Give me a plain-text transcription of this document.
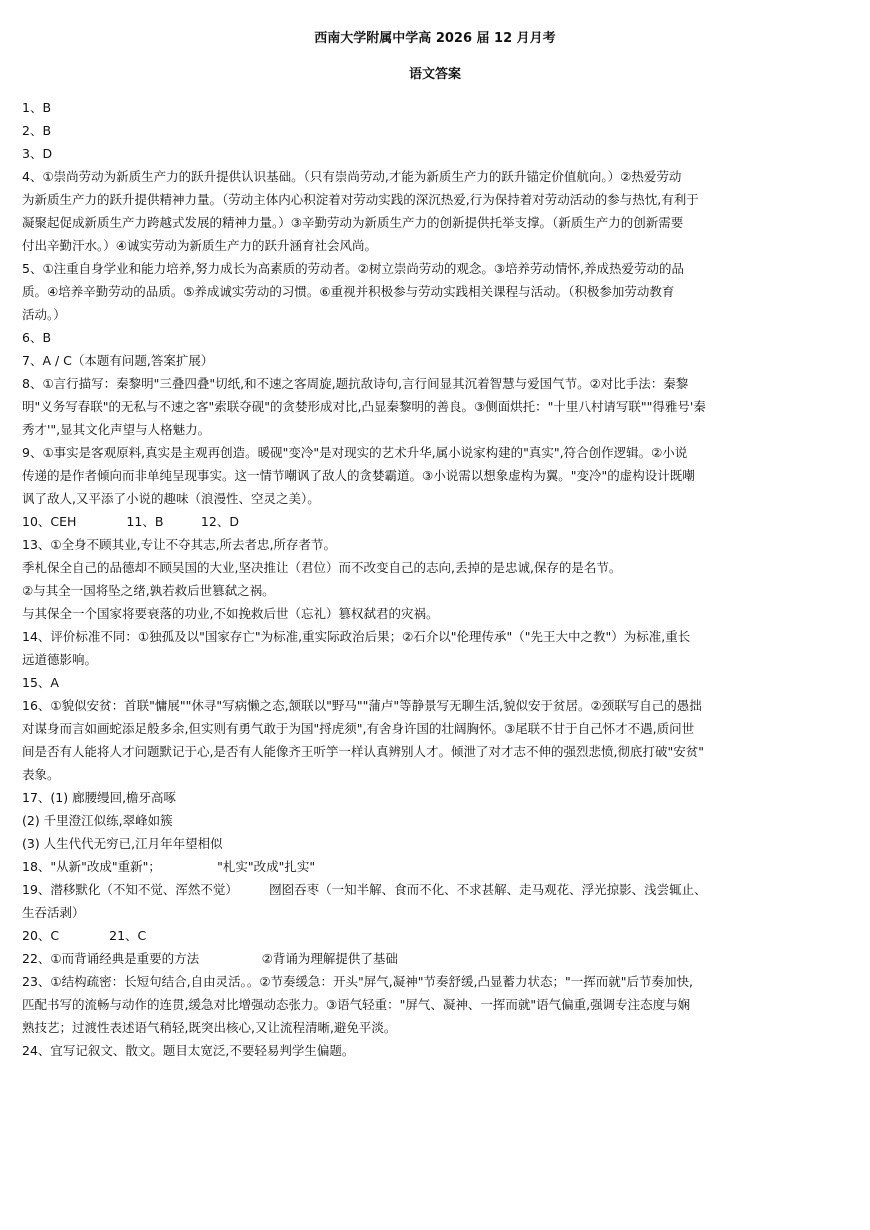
西南大学附属中学高 2026 届 12 月月考
语文答案
1、B
2、B
3、D
4、①崇尚劳动为新质生产力的跃升提供认识基础。（只有崇尚劳动,才能为新质生产力的跃升锚定价值航向。）②热爱劳动
为新质生产力的跃升提供精神力量。（劳动主体内心积淀着对劳动实践的深沉热爱,行为保持着对劳动活动的参与热忱,有利于
凝聚起促成新质生产力跨越式发展的精神力量。）③辛勤劳动为新质生产力的创新提供托举支撑。（新质生产力的创新需要
付出辛勤汗水。）④诚实劳动为新质生产力的跃升涵育社会风尚。
5、①注重自身学业和能力培养,努力成长为高素质的劳动者。②树立崇尚劳动的观念。③培养劳动情怀,养成热爱劳动的品
质。④培养辛勤劳动的品质。⑤养成诚实劳动的习惯。⑥重视并积极参与劳动实践相关课程与活动。（积极参加劳动教育
活动。）
6、B
7、A / C（本题有问题,答案扩展）
8、①言行描写：秦黎明"三叠四叠"切纸,和不速之客周旋,题抗敌诗句,言行间显其沉着智慧与爱国气节。②对比手法：秦黎
明"义务写春联"的无私与不速之客"索联夺砚"的贪婪形成对比,凸显秦黎明的善良。③侧面烘托："十里八村请写联""得雅号'秦
秀才'",显其文化声望与人格魅力。
9、①事实是客观原料,真实是主观再创造。暖砚"变冷"是对现实的艺术升华,属小说家构建的"真实",符合创作逻辑。②小说
传递的是作者倾向而非单纯呈现事实。这一情节嘲讽了敌人的贪婪霸道。③小说需以想象虚构为翼。"变冷"的虚构设计既嘲
讽了敌人,又平添了小说的趣味（浪漫性、空灵之美）。
10、CEH　　　　11、B　　　12、D
13、①全身不顾其业,专让不夺其志,所去者忠,所存者节。
季札保全自己的品德却不顾吴国的大业,坚决推让（君位）而不改变自己的志向,丢掉的是忠诚,保存的是名节。
②与其全一国将坠之绪,孰若救后世篡弑之祸。
与其保全一个国家将要衰落的功业,不如挽救后世（忘礼）篡权弑君的灾祸。
14、评价标准不同：①独孤及以"国家存亡"为标准,重实际政治后果；②石介以"伦理传承"（"先王大中之教"）为标准,重长
远道德影响。
15、A
16、①貌似安贫：首联"慵展""休寻"写病懒之态,颔联以"野马""蒲卢"等静景写无聊生活,貌似安于贫居。②颈联写自己的愚拙
对谋身而言如画蛇添足般多余,但实则有勇气敢于为国"捋虎须",有舍身许国的壮阔胸怀。③尾联不甘于自己怀才不遇,质问世
间是否有人能将人才问题默记于心,是否有人能像齐王听竽一样认真辨别人才。倾泄了对才志不伸的强烈悲愤,彻底打破"安贫"
表象。
17、(1) 廊腰缦回,檐牙高啄
(2) 千里澄江似练,翠峰如簇
(3) 人生代代无穷已,江月年年望相似
18、"从新"改成"重新"；　　　　　"札实"改成"扎实"
19、潜移默化（不知不觉、浑然不觉）　　　囫囵吞枣（一知半解、食而不化、不求甚解、走马观花、浮光掠影、浅尝辄止、
生吞活剥）
20、C　　　　21、C
22、①而背诵经典是重要的方法　　　　　②背诵为理解提供了基础
23、①结构疏密：长短句结合,自由灵活。。②节奏缓急：开头"屏气,凝神"节奏舒缓,凸显蓄力状态；"一挥而就"后节奏加快,
匹配书写的流畅与动作的连贯,缓急对比增强动态张力。③语气轻重："屏气、凝神、一挥而就"语气偏重,强调专注态度与娴
熟技艺；过渡性表述语气稍轻,既突出核心,又让流程清晰,避免平淡。
24、宜写记叙文、散文。题目太宽泛,不要轻易判学生偏题。
